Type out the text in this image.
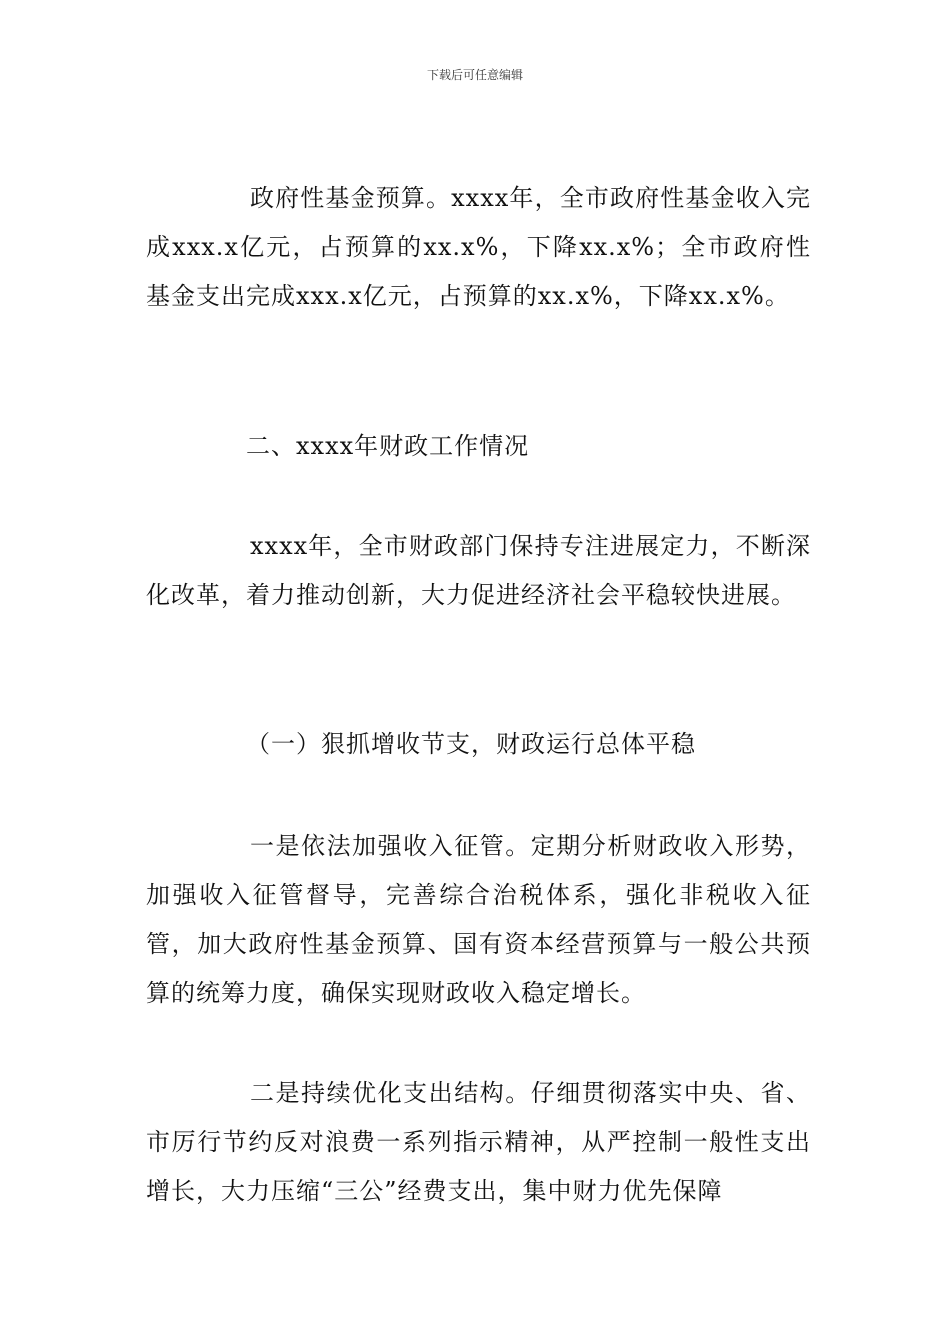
下载后可任意编辑

政府性基金预算。xxxx年，全市政府性基金收入完成xxx.x亿元，占预算的xx.x%，下降xx.x%；全市政府性基金支出完成xxx.x亿元，占预算的xx.x%，下降xx.x%。

二、xxxx年财政工作情况

xxxx年，全市财政部门保持专注进展定力，不断深化改革，着力推动创新，大力促进经济社会平稳较快进展。

（一）狠抓增收节支，财政运行总体平稳

一是依法加强收入征管。定期分析财政收入形势，加强收入征管督导，完善综合治税体系，强化非税收入征管，加大政府性基金预算、国有资本经营预算与一般公共预算的统筹力度，确保实现财政收入稳定增长。

二是持续优化支出结构。仔细贯彻落实中央、省、市厉行节约反对浪费一系列指示精神，从严控制一般性支出增长，大力压缩“三公”经费支出，集中财力优先保障
